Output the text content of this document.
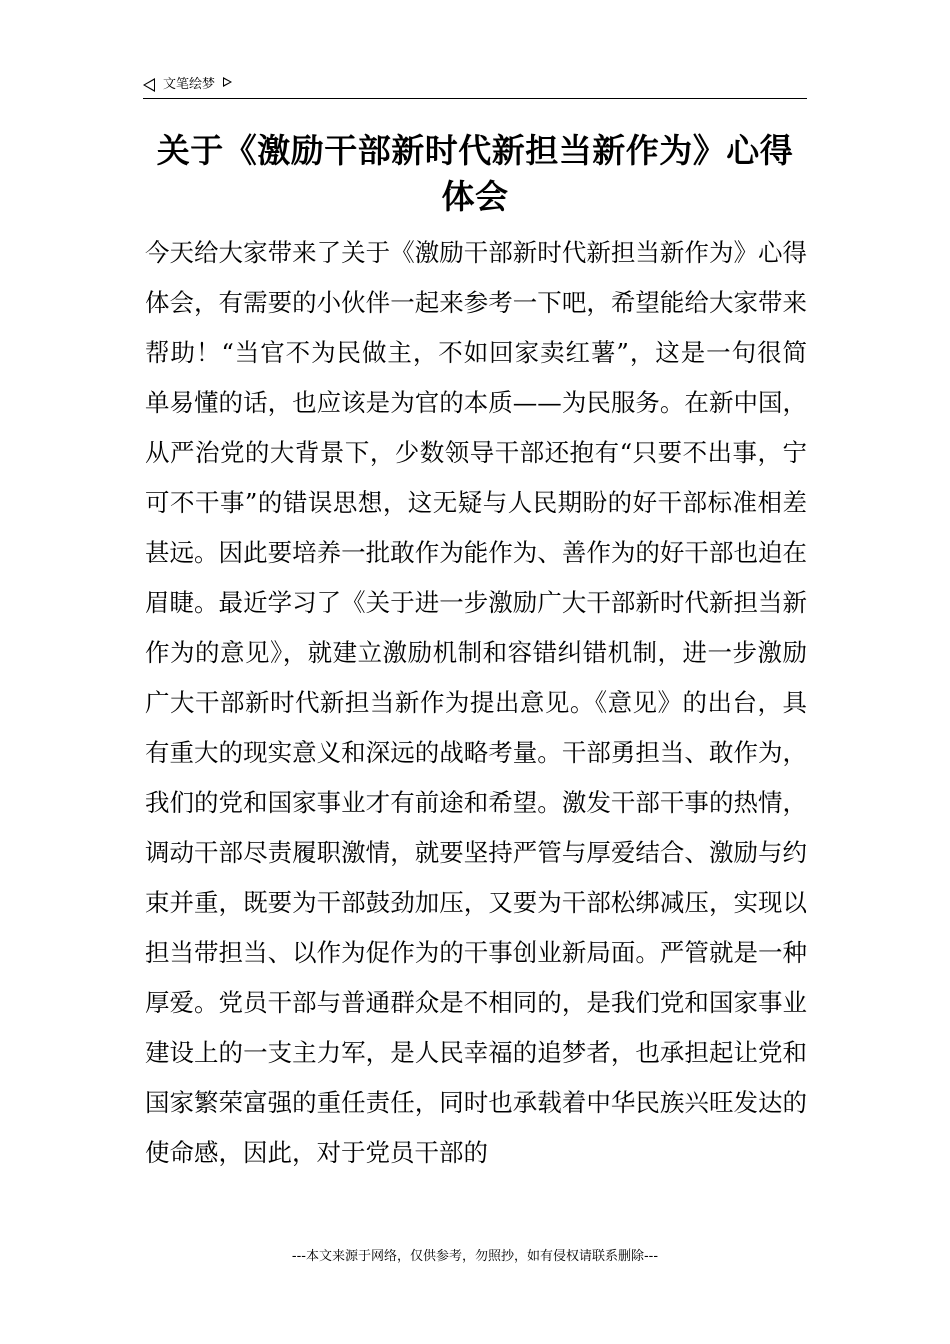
文笔绘梦
关于《激励干部新时代新担当新作为》心得体会

今天给大家带来了关于《激励干部新时代新担当新作为》心得体会，有需要的小伙伴一起来参考一下吧，希望能给大家带来帮助！“当官不为民做主，不如回家卖红薯”，这是一句很简单易懂的话，也应该是为官的本质——为民服务。在新中国，从严治党的大背景下，少数领导干部还抱有“只要不出事，宁可不干事”的错误思想，这无疑与人民期盼的好干部标准相差甚远。因此要培养一批敢作为能作为、善作为的好干部也迫在眉睫。最近学习了《关于进一步激励广大干部新时代新担当新作为的意见》，就建立激励机制和容错纠错机制，进一步激励广大干部新时代新担当新作为提出意见。《意见》的出台，具有重大的现实意义和深远的战略考量。干部勇担当、敢作为，我们的党和国家事业才有前途和希望。激发干部干事的热情，调动干部尽责履职激情，就要坚持严管与厚爱结合、激励与约束并重，既要为干部鼓劲加压，又要为干部松绑减压，实现以担当带担当、以作为促作为的干事创业新局面。严管就是一种厚爱。党员干部与普通群众是不相同的，是我们党和国家事业建设上的一支主力军，是人民幸福的追梦者，也承担起让党和国家繁荣富强的重任责任，同时也承载着中华民族兴旺发达的使命感，因此，对于党员干部的

---本文来源于网络，仅供参考，勿照抄，如有侵权请联系删除---
